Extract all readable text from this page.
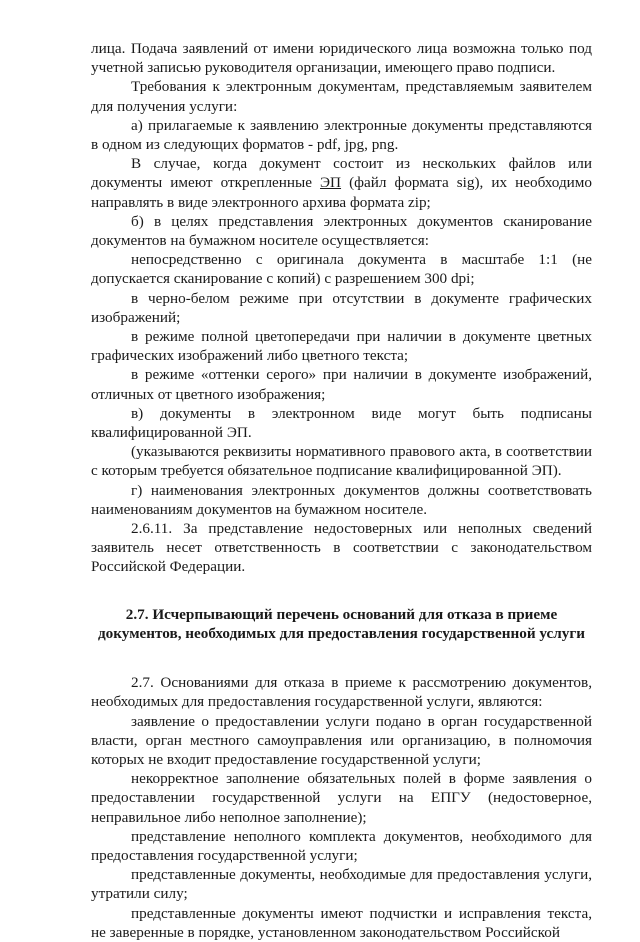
лица. Подача заявлений от имени юридического лица возможна только под учетной записью руководителя организации, имеющего право подписи.

Требования к электронным документам, представляемым заявителем для получения услуги:

а) прилагаемые к заявлению электронные документы представляются в одном из следующих форматов - pdf, jpg, png.

В случае, когда документ состоит из нескольких файлов или документы имеют открепленные ЭП (файл формата sig), их необходимо направлять в виде электронного архива формата zip;

б) в целях представления электронных документов сканирование документов на бумажном носителе осуществляется:

непосредственно с оригинала документа в масштабе 1:1 (не допускается сканирование с копий) с разрешением 300 dpi;

в черно-белом режиме при отсутствии в документе графических изображений;

в режиме полной цветопередачи при наличии в документе цветных графических изображений либо цветного текста;

в режиме «оттенки серого» при наличии в документе изображений, отличных от цветного изображения;

в) документы в электронном виде могут быть подписаны квалифицированной ЭП.

(указываются реквизиты нормативного правового акта, в соответствии с которым требуется обязательное подписание квалифицированной ЭП).

г) наименования электронных документов должны соответствовать наименованиям документов на бумажном носителе.

2.6.11. За представление недостоверных или неполных сведений заявитель несет ответственность в соответствии с законодательством Российской Федерации.

2.7. Исчерпывающий перечень оснований для отказа в приеме документов, необходимых для предоставления государственной услуги

2.7. Основаниями для отказа в приеме к рассмотрению документов, необходимых для предоставления государственной услуги, являются:

заявление о предоставлении услуги подано в орган государственной власти, орган местного самоуправления или организацию, в полномочия которых не входит предоставление государственной услуги;

некорректное заполнение обязательных полей в форме заявления о предоставлении государственной услуги на ЕПГУ (недостоверное, неправильное либо неполное заполнение);

представление неполного комплекта документов, необходимого для предоставления государственной услуги;

представленные документы, необходимые для предоставления услуги, утратили силу;

представленные документы имеют подчистки и исправления текста, не заверенные в порядке, установленном законодательством Российской
